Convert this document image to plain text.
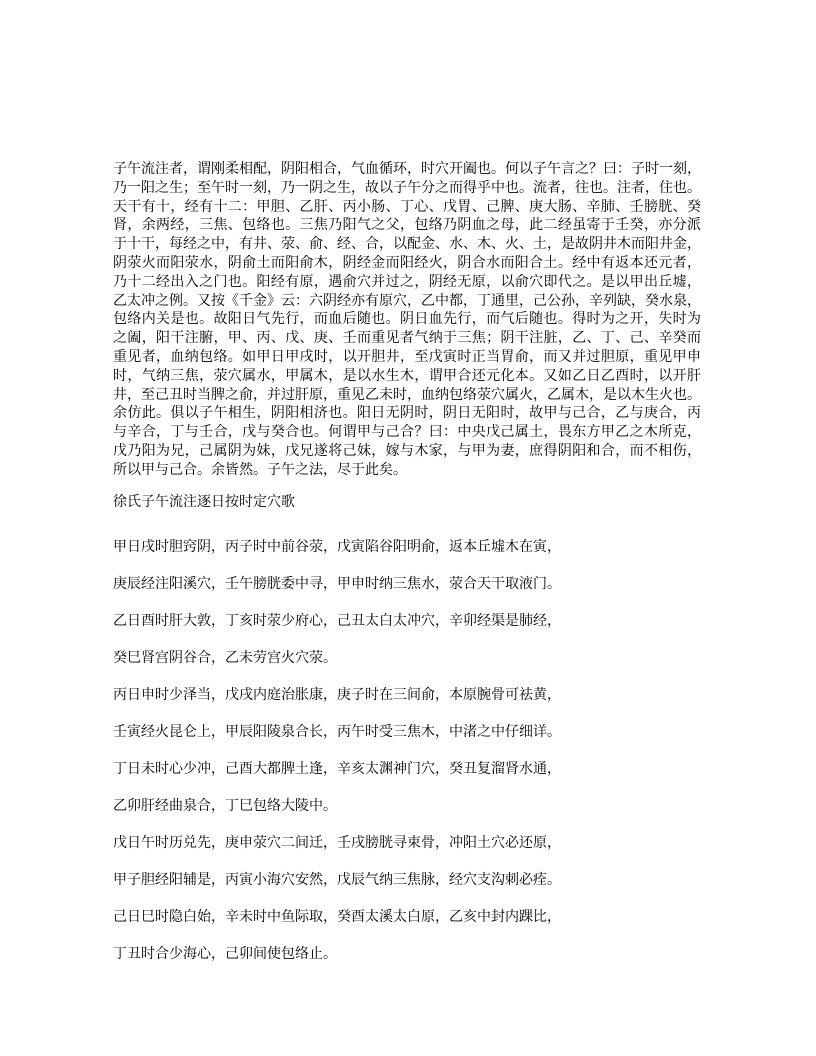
子午流注者，谓刚柔相配，阴阳相合，气血循环，时穴开阖也。何以子午言之？曰：子时一刻，
乃一阳之生；至午时一刻，乃一阴之生，故以子午分之而得乎中也。流者，往也。注者，住也。
天干有十，经有十二：甲胆、乙肝、丙小肠、丁心、戊胃、己脾、庚大肠、辛肺、壬膀胱、癸
肾，余两经，三焦、包络也。三焦乃阳气之父，包络乃阴血之母，此二经虽寄于壬癸，亦分派
于十干，每经之中，有井、荥、俞、经、合，以配金、水、木、火、土，是故阴井木而阳井金，
阴荥火而阳荥水，阴俞土而阳俞木，阴经金而阳经火，阴合水而阳合土。经中有返本还元者，
乃十二经出入之门也。阳经有原，遇俞穴并过之，阴经无原，以俞穴即代之。是以甲出丘墟，
乙太冲之例。又按《千金》云：六阴经亦有原穴，乙中都，丁通里，己公孙，辛列缺，癸水泉，
包络内关是也。故阳日气先行，而血后随也。阴日血先行，而气后随也。得时为之开，失时为
之阖，阳干注腑，甲、丙、戊、庚、壬而重见者气纳于三焦；阴干注脏，乙、丁、己、辛癸而
重见者，血纳包络。如甲日甲戌时，以开胆井，至戊寅时正当胃俞，而又并过胆原，重见甲申
时，气纳三焦，荥穴属水，甲属木，是以水生木，谓甲合还元化本。又如乙日乙酉时，以开肝
井，至己丑时当脾之俞，并过肝原，重见乙未时，血纳包络荥穴属火，乙属木，是以木生火也。
余仿此。俱以子午相生，阴阳相济也。阳日无阴时，阴日无阳时，故甲与己合，乙与庚合，丙
与辛合，丁与壬合，戊与癸合也。何谓甲与己合？曰：中央戊己属土，畏东方甲乙之木所克，
戊乃阳为兄，己属阴为妹，戊兄遂将己妹，嫁与木家，与甲为妻，庶得阴阳和合，而不相伤，
所以甲与己合。余皆然。子午之法，尽于此矣。
徐氏子午流注逐日按时定穴歌
甲日戌时胆窍阴，丙子时中前谷荥，戊寅陷谷阳明俞，返本丘墟木在寅，
庚辰经注阳溪穴，壬午膀胱委中寻，甲申时纳三焦水，荥合天干取液门。
乙日酉时肝大敦，丁亥时荥少府心，己丑太白太冲穴，辛卯经渠是肺经，
癸巳肾宫阴谷合，乙未劳宫火穴荥。
丙日申时少泽当，戊戌内庭治胀康，庚子时在三间俞，本原腕骨可祛黄，
壬寅经火昆仑上，甲辰阳陵泉合长，丙午时受三焦木，中渚之中仔细详。
丁日未时心少冲，己酉大都脾土逢，辛亥太渊神门穴，癸丑复溜肾水通，
乙卯肝经曲泉合，丁巳包络大陵中。
戊日午时历兑先，庚申荥穴二间迁，壬戌膀胱寻束骨，冲阳土穴必还原，
甲子胆经阳辅是，丙寅小海穴安然，戊辰气纳三焦脉，经穴支沟刺必痊。
己日巳时隐白始，辛未时中鱼际取，癸酉太溪太白原，乙亥中封内踝比，
丁丑时合少海心，己卯间使包络止。
